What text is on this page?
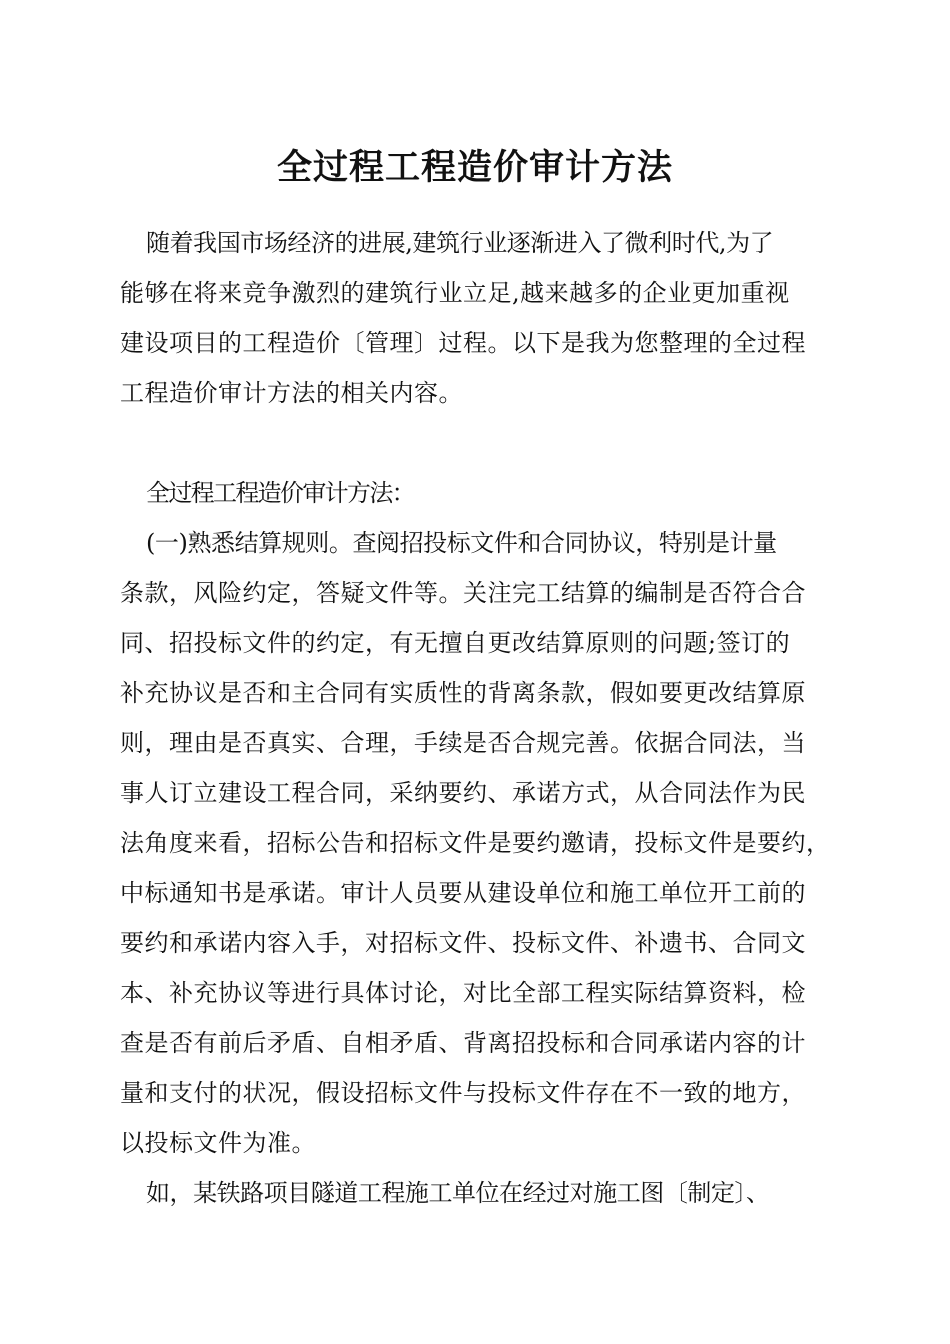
全过程工程造价审计方法
随着我国市场经济的进展,建筑行业逐渐进入了微利时代,为了
能够在将来竞争激烈的建筑行业立足,越来越多的企业更加重视
建设项目的工程造价〔管理〕过程。以下是我为您整理的全过程
工程造价审计方法的相关内容。
全过程工程造价审计方法：
(一)熟悉结算规则。查阅招投标文件和合同协议，特别是计量
条款，风险约定，答疑文件等。关注完工结算的编制是否符合合
同、招投标文件的约定，有无擅自更改结算原则的问题;签订的
补充协议是否和主合同有实质性的背离条款，假如要更改结算原
则，理由是否真实、合理，手续是否合规完善。依据合同法，当
事人订立建设工程合同，采纳要约、承诺方式，从合同法作为民
法角度来看，招标公告和招标文件是要约邀请，投标文件是要约，
中标通知书是承诺。审计人员要从建设单位和施工单位开工前的
要约和承诺内容入手，对招标文件、投标文件、补遗书、合同文
本、补充协议等进行具体讨论，对比全部工程实际结算资料，检
查是否有前后矛盾、自相矛盾、背离招投标和合同承诺内容的计
量和支付的状况，假设招标文件与投标文件存在不一致的地方，
以投标文件为准。
如，某铁路项目隧道工程施工单位在经过对施工图〔制定〕、
